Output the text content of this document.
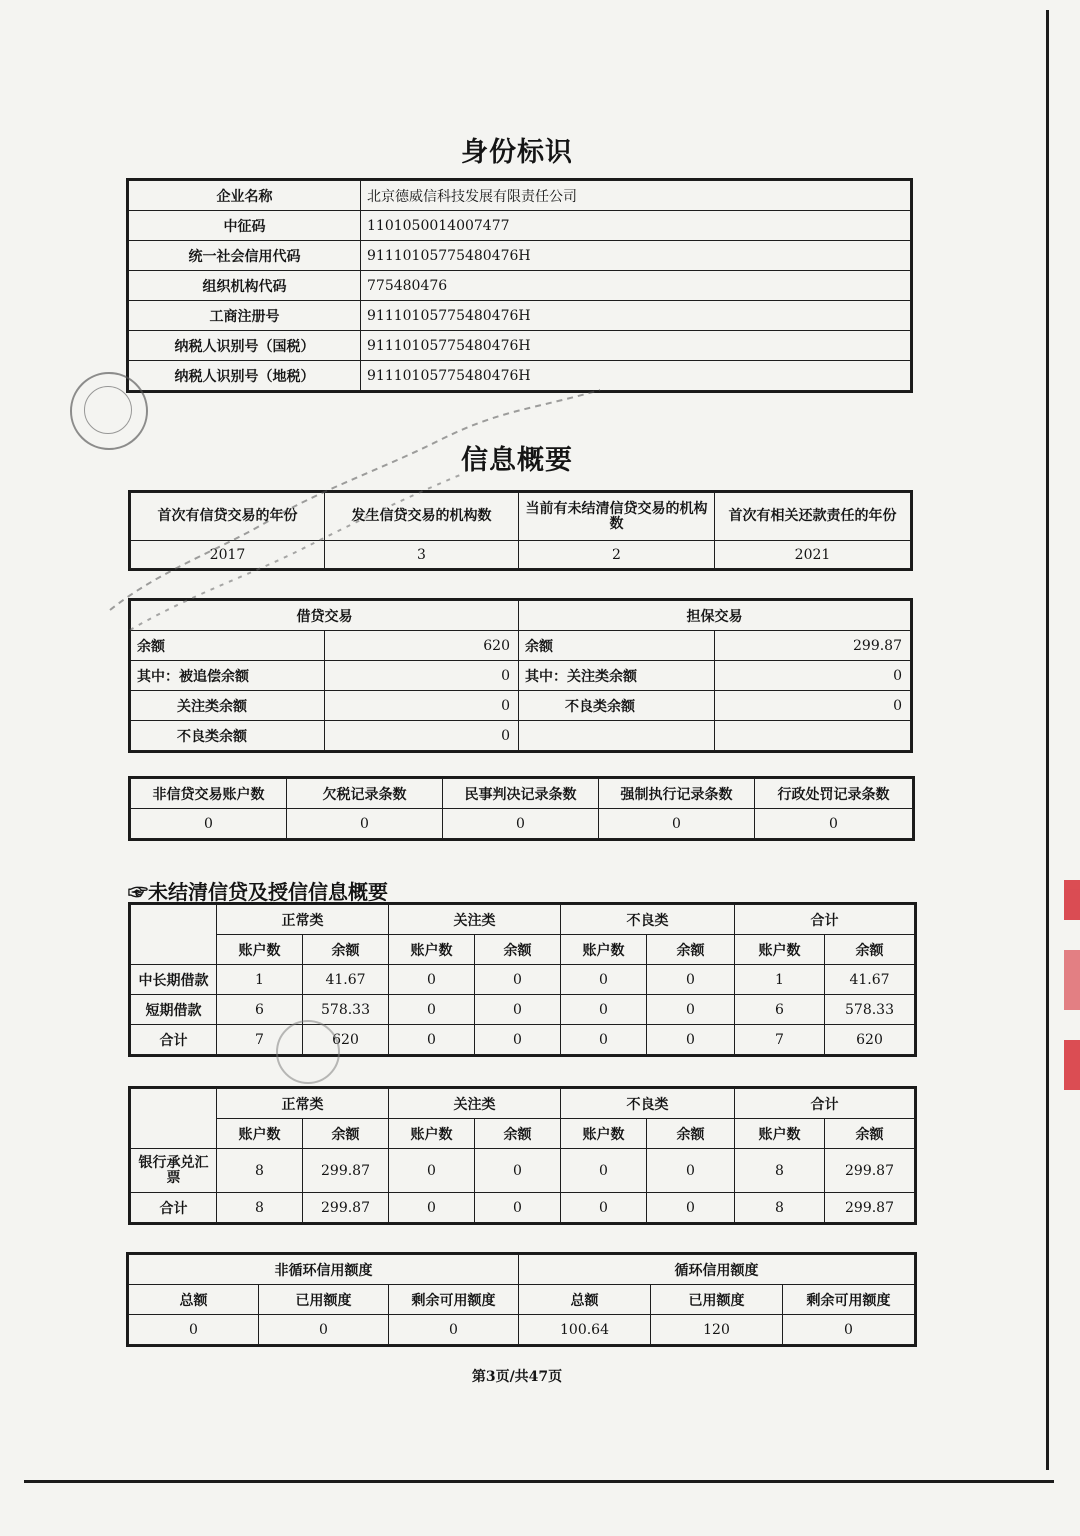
身份标识
企业名称	北京德威信科技发展有限责任公司
中征码	1101050014007477
统一社会信用代码	91110105775480476H
组织机构代码	775480476
工商注册号	91110105775480476H
纳税人识别号（国税）	91110105775480476H
纳税人识别号（地税）	91110105775480476H
信息概要
首次有信贷交易的年份	发生信贷交易的机构数	当前有未结清信贷交易的机构数	首次有相关还款责任的年份
2017	3	2	2021
借贷交易		担保交易	
余额	620	余额	299.87
其中：被追偿余额	0	其中：关注类余额	0
关注类余额	0	不良类余额	0
不良类余额	0		
非信贷交易账户数	欠税记录条数	民事判决记录条数	强制执行记录条数	行政处罚记录条数
0	0	0	0	0
☞未结清信贷及授信信息概要
	正常类		关注类		不良类		合计	
	账户数	余额	账户数	余额	账户数	余额	账户数	余额
中长期借款	1	41.67	0	0	0	0	1	41.67
短期借款	6	578.33	0	0	0	0	6	578.33
合计	7	620	0	0	0	0	7	620
	正常类		关注类		不良类		合计	
	账户数	余额	账户数	余额	账户数	余额	账户数	余额
银行承兑汇票	8	299.87	0	0	0	0	8	299.87
合计	8	299.87	0	0	0	0	8	299.87
非循环信用额度			循环信用额度		
总额	已用额度	剩余可用额度	总额	已用额度	剩余可用额度
0	0	0	100.64	120	0
第3页/共47页
